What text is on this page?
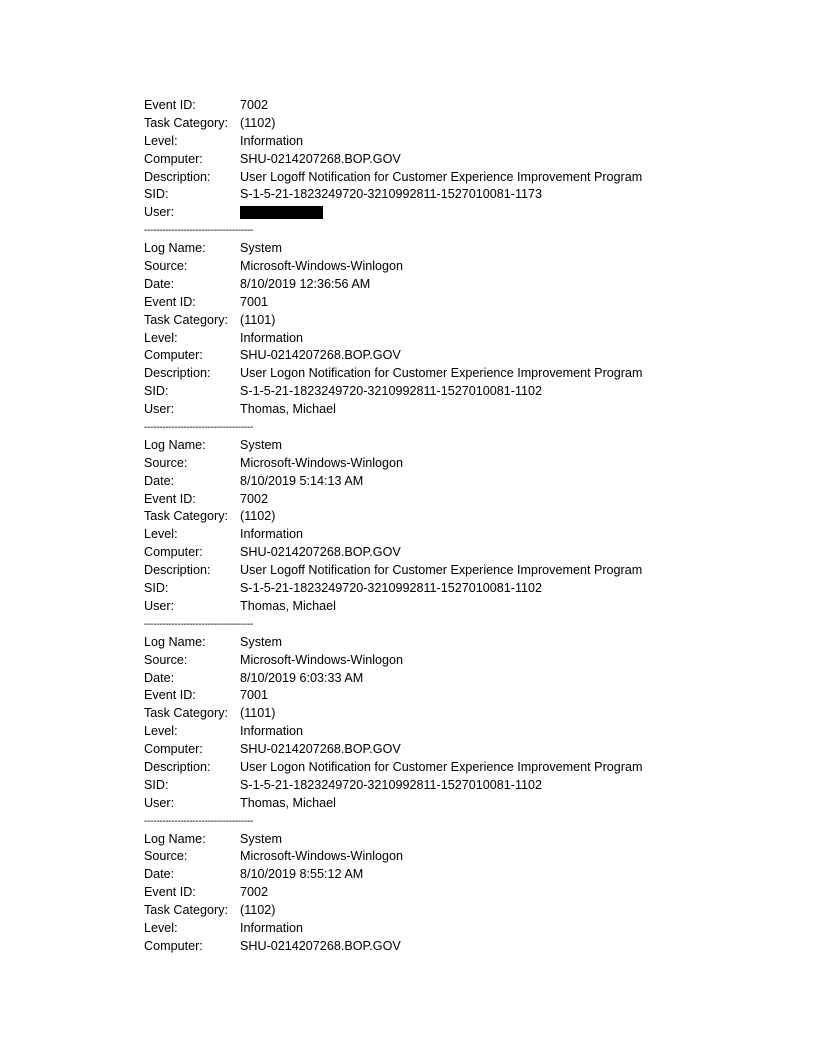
Event ID:	7002
Task Category: (1102)
Level:	Information
Computer:	SHU-0214207268.BOP.GOV
Description:	User Logoff Notification for Customer Experience Improvement Program
SID:	S-1-5-21-1823249720-3210992811-1527010081-1173
User:
------------------------------------
Log Name:	System
Source:	Microsoft-Windows-Winlogon
Date:	8/10/2019 12:36:56 AM
Event ID:	7001
Task Category: (1101)
Level:	Information
Computer:	SHU-0214207268.BOP.GOV
Description:	User Logon Notification for Customer Experience Improvement Program
SID:	S-1-5-21-1823249720-3210992811-1527010081-1102
User:	Thomas, Michael
------------------------------------
Log Name:	System
Source:	Microsoft-Windows-Winlogon
Date:	8/10/2019 5:14:13 AM
Event ID:	7002
Task Category: (1102)
Level:	Information
Computer:	SHU-0214207268.BOP.GOV
Description:	User Logoff Notification for Customer Experience Improvement Program
SID:	S-1-5-21-1823249720-3210992811-1527010081-1102
User:	Thomas, Michael
------------------------------------
Log Name:	System
Source:	Microsoft-Windows-Winlogon
Date:	8/10/2019 6:03:33 AM
Event ID:	7001
Task Category: (1101)
Level:	Information
Computer:	SHU-0214207268.BOP.GOV
Description:	User Logon Notification for Customer Experience Improvement Program
SID:	S-1-5-21-1823249720-3210992811-1527010081-1102
User:	Thomas, Michael
------------------------------------
Log Name:	System
Source:	Microsoft-Windows-Winlogon
Date:	8/10/2019 8:55:12 AM
Event ID:	7002
Task Category: (1102)
Level:	Information
Computer:	SHU-0214207268.BOP.GOV
